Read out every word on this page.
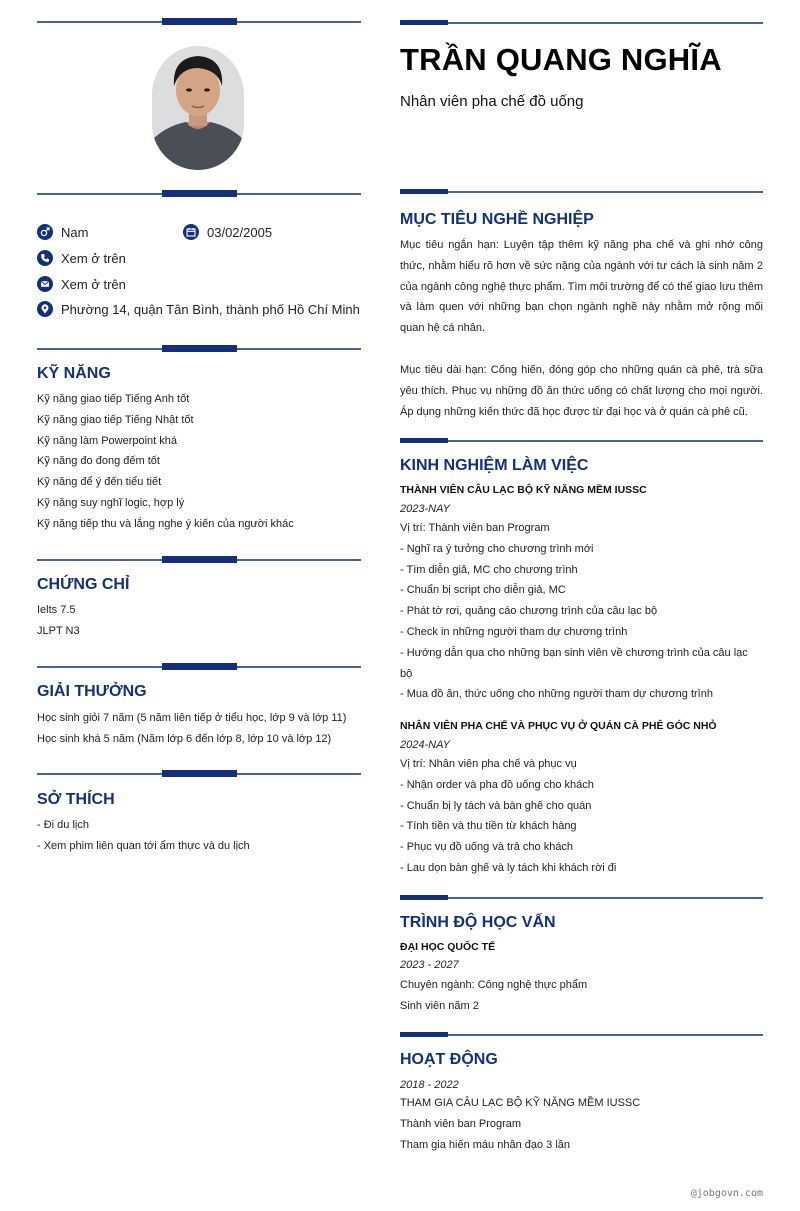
Nam	03/02/2005
Xem ở trên
Xem ở trên
Phường 14, quận Tân Bình, thành phố Hồ Chí Minh
KỸ NĂNG
Kỹ năng giao tiếp Tiếng Anh tốt
Kỹ năng giao tiếp Tiếng Nhật tốt
Kỹ năng làm Powerpoint khá
Kỹ năng đo đong đếm tốt
Kỹ năng để ý đến tiểu tiết
Kỹ năng suy nghĩ logic, hợp lý
Kỹ năng tiếp thu và lắng nghe ý kiến của người khác
CHỨNG CHỈ
Ielts 7.5
JLPT N3
GIẢI THƯỞNG
Học sinh giỏi 7 năm (5 năm liên tiếp ở tiểu học, lớp 9 và lớp 11)
Học sinh khá 5 năm (Năm lớp 6 đến lớp 8, lớp 10 và lớp 12)
SỞ THÍCH
- Đi du lịch
- Xem phim liên quan tới ẩm thực và du lịch
TRẦN QUANG NGHĨA
Nhân viên pha chế đồ uống
MỤC TIÊU NGHỀ NGHIỆP

Mục tiêu ngắn hạn: Luyện tập thêm kỹ năng pha chế và ghi nhớ công thức, nhằm hiểu rõ hơn về sức nặng của ngành với tư cách là sinh năm 2 của ngành công nghệ thực phẩm. Tìm môi trường để có thể giao lưu thêm và làm quen với những bạn chọn ngành nghề này nhằm mở rộng mối quan hệ cá nhân.

Mục tiêu dài hạn: Cống hiến, đóng góp cho những quán cà phê, trà sữa yêu thích. Phục vụ những đồ ăn thức uống có chất lượng cho mọi người. Áp dụng những kiến thức đã học được từ đại học và ở quán cà phê cũ.

KINH NGHIỆM LÀM VIỆC
THÀNH VIÊN CÂU LẠC BỘ KỸ NĂNG MỀM IUSSC
2023-NAY
Vị trí: Thành viên ban Program
- Nghĩ ra ý tưởng cho chương trình mới
- Tìm diễn giả, MC cho chương trình
- Chuẩn bị script cho diễn giả, MC
- Phát tờ rơi, quảng cáo chương trình của câu lạc bộ
- Check in những người tham dự chương trình
- Hướng dẫn qua cho những bạn sinh viên về chương trình của câu lạc bộ
- Mua đồ ăn, thức uống cho những người tham dự chương trình
NHÂN VIÊN PHA CHẾ VÀ PHỤC VỤ Ở QUÁN CÀ PHÊ GÓC NHỎ
2024-NAY
Vị trí: Nhân viên pha chế và phục vụ
- Nhận order và pha đồ uống cho khách
- Chuẩn bị ly tách và bàn ghế cho quán
- Tính tiền và thu tiền từ khách hàng
- Phục vụ đồ uống và trả cho khách
- Lau dọn bàn ghế và ly tách khi khách rời đi
TRÌNH ĐỘ HỌC VẤN
ĐẠI HỌC QUỐC TẾ
2023 - 2027
Chuyên ngành: Công nghệ thực phẩm
Sinh viên năm 2
HOẠT ĐỘNG
2018 - 2022
THAM GIA CÂU LẠC BỘ KỸ NĂNG MỀM IUSSC
Thành viên ban Program
Tham gia hiến máu nhân đạo 3 lần
@jobgovn.com
